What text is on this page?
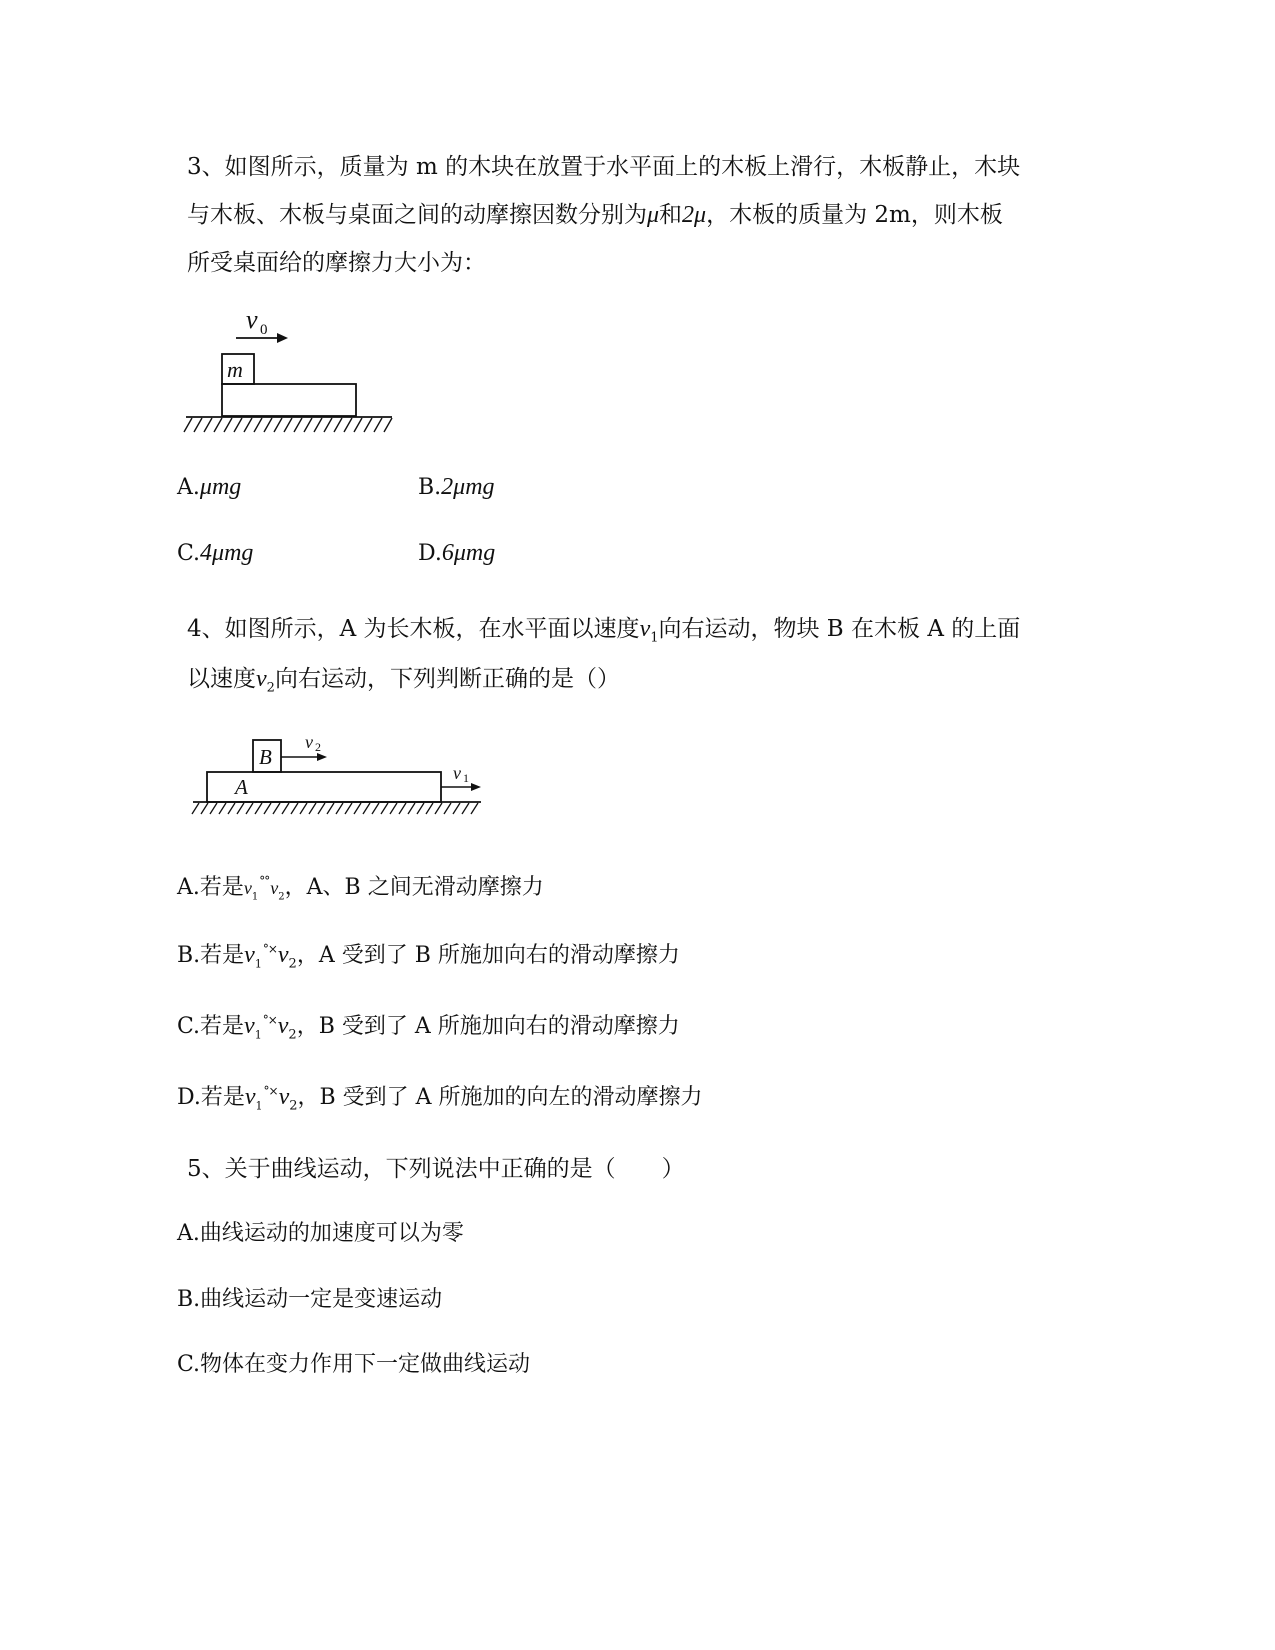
3、如图所示，质量为 m 的木块在放置于水平面上的木板上滑行，木板静止，木块
与木板、木板与桌面之间的动摩擦因数分别为μ和2μ，木板的质量为 2m，则木板
所受桌面给的摩擦力大小为：
v 0
m
A.μmg	B.2μmg
C.4μmg	D.6μmg
4、如图所示，A 为长木板，在水平面以速度$v_1$向右运动，物块 B 在木板 A 的上面
以速度$v_2$向右运动，下列判断正确的是（）
B
v 2
A
v 1
A.若是$v_1^{^\circ^\circ}v_2$，A、B 之间无滑动摩擦力
B.若是$v_1^{^\circ\times}v_2$，A 受到了 B 所施加向右的滑动摩擦力
C.若是$v_1^{^\circ\times}v_2$，B 受到了 A 所施加向右的滑动摩擦力
D.若是$v_1^{^\circ\times}v_2$，B 受到了 A 所施加的向左的滑动摩擦力
5、关于曲线运动，下列说法中正确的是（　　）
A.曲线运动的加速度可以为零
B.曲线运动一定是变速运动
C.物体在变力作用下一定做曲线运动
